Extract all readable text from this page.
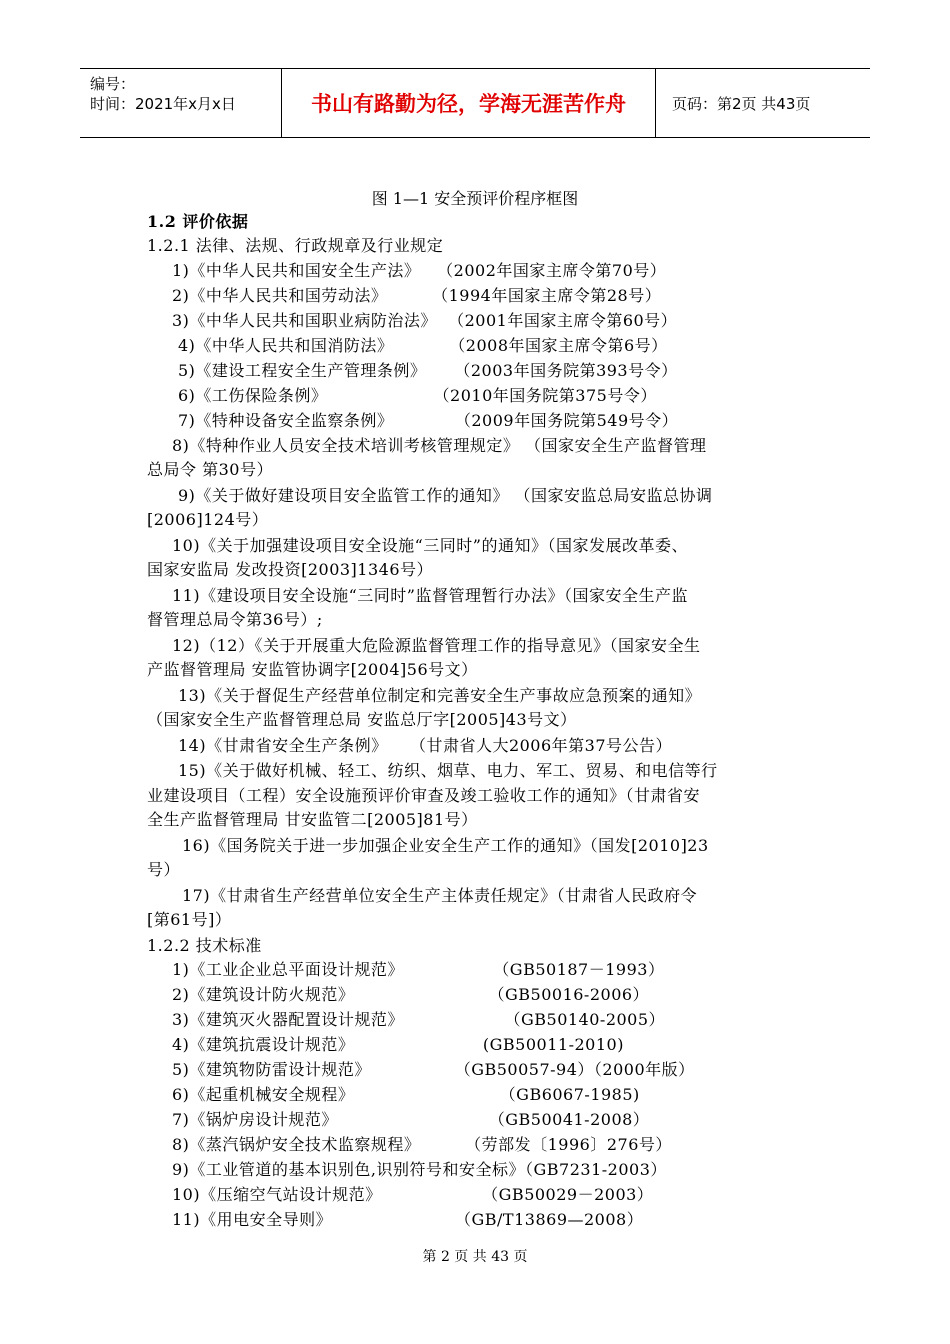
编号：
时间：2021年x月x日	书山有路勤为径，学海无涯苦作舟	页码：第2页 共43页
图 1—1 安全预评价程序框图
1.2 评价依据
1.2.1 法律、法规、行政规章及行业规定
1)《中华人民共和国安全生产法》   （2002年国家主席令第70号）
2)《中华人民共和国劳动法》        （1994年国家主席令第28号）
3)《中华人民共和国职业病防治法》  （2001年国家主席令第60号）
4)《中华人民共和国消防法》          （2008年国家主席令第6号）
5)《建设工程安全生产管理条例》     （2003年国务院第393号令）
6)《工伤保险条例》                   （2010年国务院第375号令）
7)《特种设备安全监察条例》           （2009年国务院第549号令）
8)《特种作业人员安全技术培训考核管理规定》 （国家安全生产监督管理
总局令 第30号）
9)《关于做好建设项目安全监管工作的通知》 （国家安监总局安监总协调
[2006]124号）
10)《关于加强建设项目安全设施“三同时”的通知》（国家发展改革委、
国家安监局 发改投资[2003]1346号）
11)《建设项目安全设施“三同时”监督管理暂行办法》（国家安全生产监
督管理总局令第36号）;
12)（12）《关于开展重大危险源监督管理工作的指导意见》（国家安全生
产监督管理局 安监管协调字[2004]56号文）
13)《关于督促生产经营单位制定和完善安全生产事故应急预案的通知》
（国家安全生产监督管理总局 安监总厅字[2005]43号文）
14)《甘肃省安全生产条例》    （甘肃省人大2006年第37号公告）
15)《关于做好机械、轻工、纺织、烟草、电力、军工、贸易、和电信等行
业建设项目（工程）安全设施预评价审查及竣工验收工作的通知》（甘肃省安
全生产监督管理局 甘安监管二[2005]81号）
16)《国务院关于进一步加强企业安全生产工作的通知》（国发[2010]23
号）
17)《甘肃省生产经营单位安全生产主体责任规定》（甘肃省人民政府令
[第61号]）
1.2.2 技术标准
1)《工业企业总平面设计规范》                （GB50187－1993）
2)《建筑设计防火规范》                        （GB50016-2006）
3)《建筑灭火器配置设计规范》                  （GB50140-2005）
4)《建筑抗震设计规范》                       (GB50011-2010)
5)《建筑物防雷设计规范》               （GB50057-94）（2000年版）
6)《起重机械安全规程》                          （GB6067-1985)
7)《锅炉房设计规范》                           （GB50041-2008）
8)《蒸汽锅炉安全技术监察规程》        （劳部发〔1996〕276号）
9)《工业管道的基本识别色,识别符号和安全标》（GB7231-2003）
10)《压缩空气站设计规范》                  （GB50029－2003）
11)《用电安全导则》                      （GB/T13869—2008）
第 2 页 共 43 页
